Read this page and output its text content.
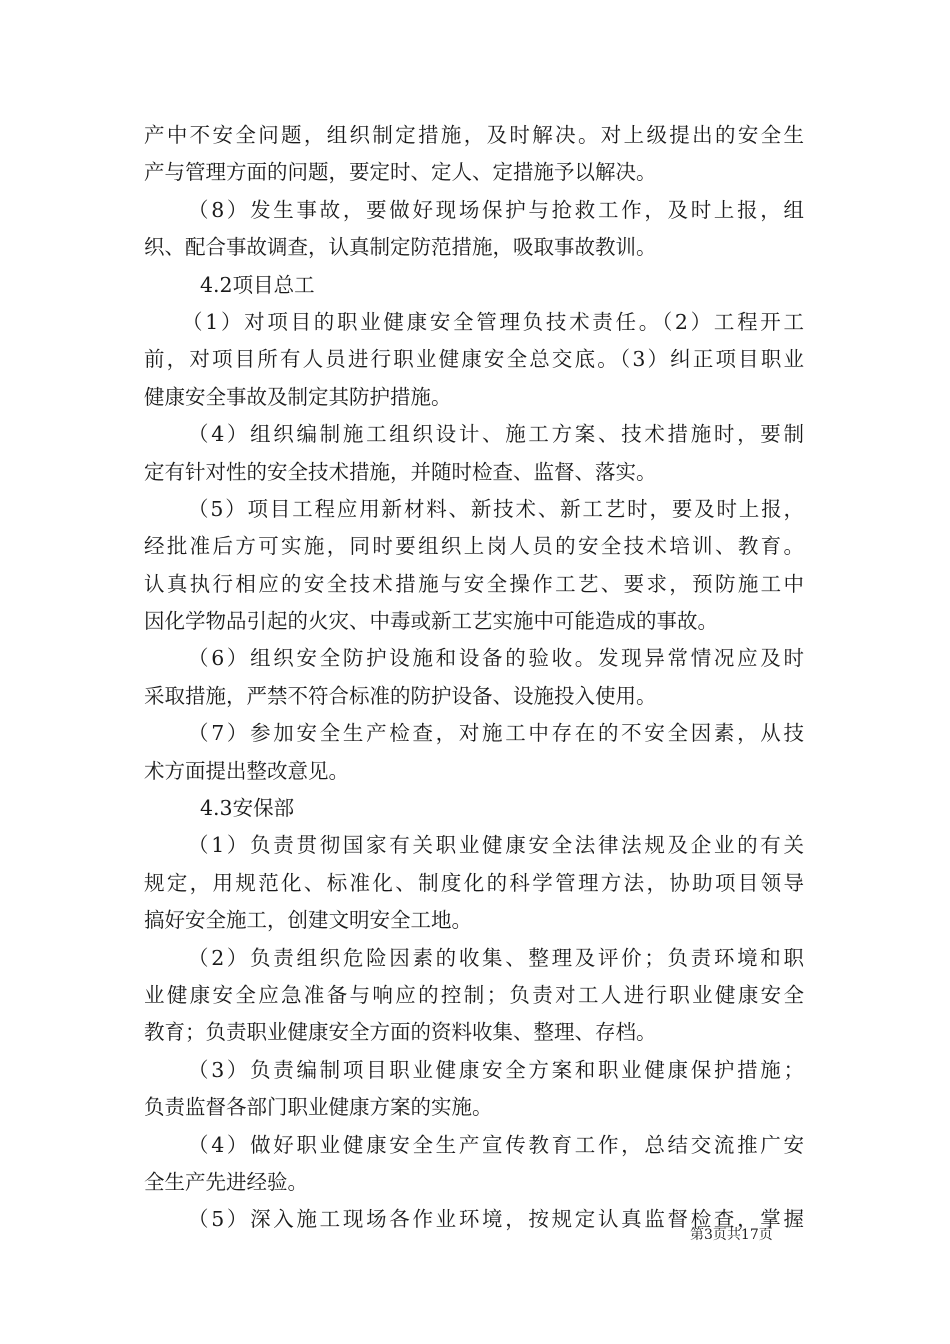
产中不安全问题，组织制定措施，及时解决。对上级提出的安全生
产与管理方面的问题，要定时、定人、定措施予以解决。
（8）发生事故，要做好现场保护与抢救工作，及时上报，组
织、配合事故调查，认真制定防范措施，吸取事故教训。
4.2项目总工
（1）对项目的职业健康安全管理负技术责任。（2）工程开工
前，对项目所有人员进行职业健康安全总交底。（3）纠正项目职业
健康安全事故及制定其防护措施。
（4）组织编制施工组织设计、施工方案、技术措施时，要制
定有针对性的安全技术措施，并随时检查、监督、落实。
（5）项目工程应用新材料、新技术、新工艺时，要及时上报，
经批准后方可实施，同时要组织上岗人员的安全技术培训、教育。
认真执行相应的安全技术措施与安全操作工艺、要求，预防施工中
因化学物品引起的火灾、中毒或新工艺实施中可能造成的事故。
（6）组织安全防护设施和设备的验收。发现异常情况应及时
采取措施，严禁不符合标准的防护设备、设施投入使用。
（7）参加安全生产检查，对施工中存在的不安全因素，从技
术方面提出整改意见。
4.3安保部
（1）负责贯彻国家有关职业健康安全法律法规及企业的有关
规定，用规范化、标准化、制度化的科学管理方法，协助项目领导
搞好安全施工，创建文明安全工地。
（2）负责组织危险因素的收集、整理及评价；负责环境和职
业健康安全应急准备与响应的控制；负责对工人进行职业健康安全
教育；负责职业健康安全方面的资料收集、整理、存档。
（3）负责编制项目职业健康安全方案和职业健康保护措施；
负责监督各部门职业健康方案的实施。
（4）做好职业健康安全生产宣传教育工作，总结交流推广安
全生产先进经验。
（5）深入施工现场各作业环境，按规定认真监督检查，掌握
第3页共17页
